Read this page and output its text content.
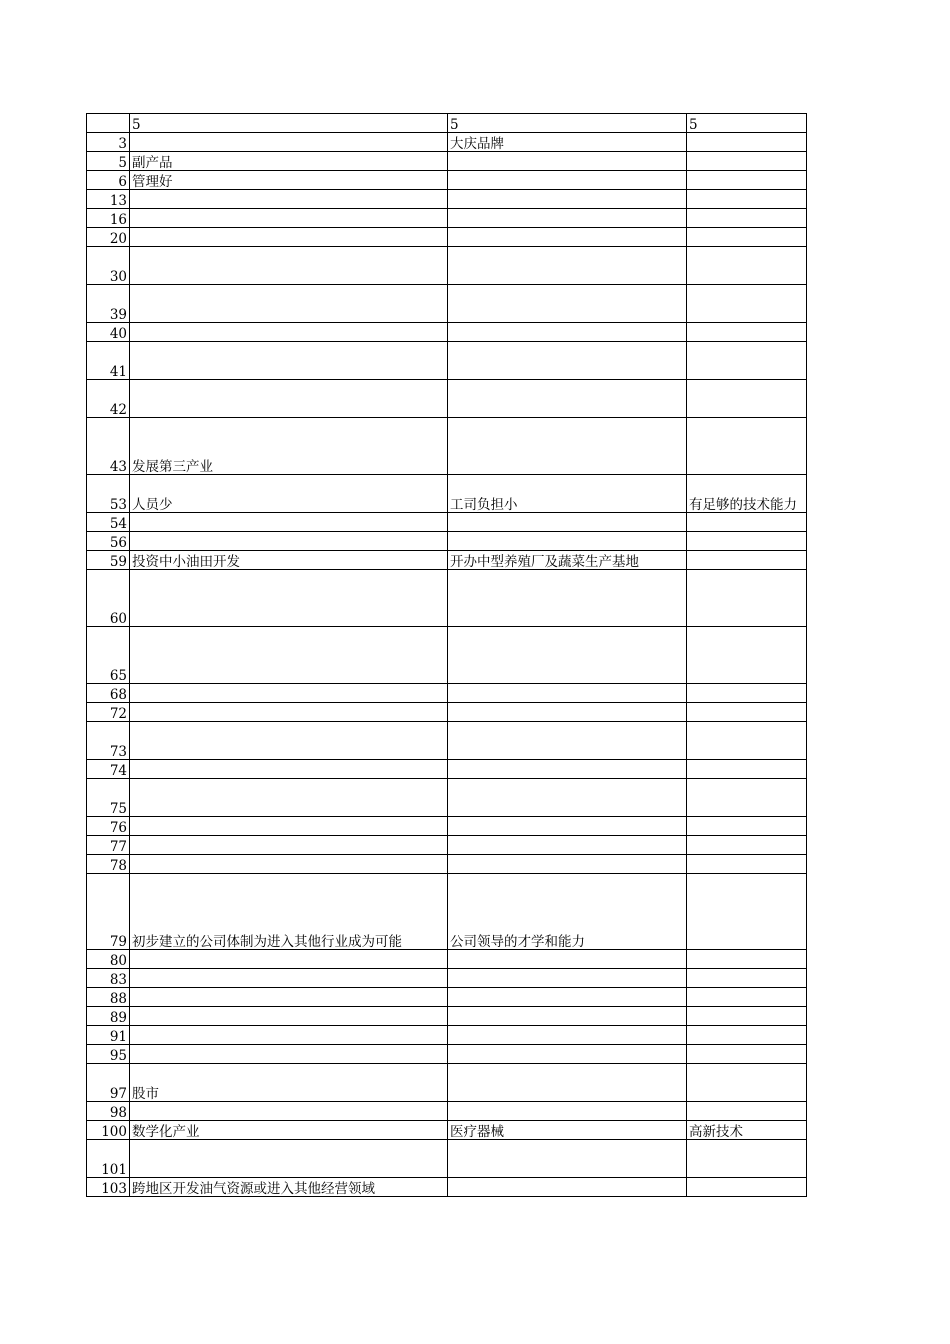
	5	5	5
3		大庆品牌	
5	副产品		
6	管理好		
13			
16			
20			
30			
39			
40			
41			
42			
43	发展第三产业		
53	人员少	工司负担小	有足够的技术能力
54			
56			
59	投资中小油田开发	开办中型养殖厂及蔬菜生产基地	
60			
65			
68			
72			
73			
74			
75			
76			
77			
78			
79	初步建立的公司体制为进入其他行业成为可能	公司领导的才学和能力	
80			
83			
88			
89			
91			
95			
97	股市		
98			
100	数学化产业	医疗器械	高新技术
101			
103	跨地区开发油气资源或进入其他经营领域		
